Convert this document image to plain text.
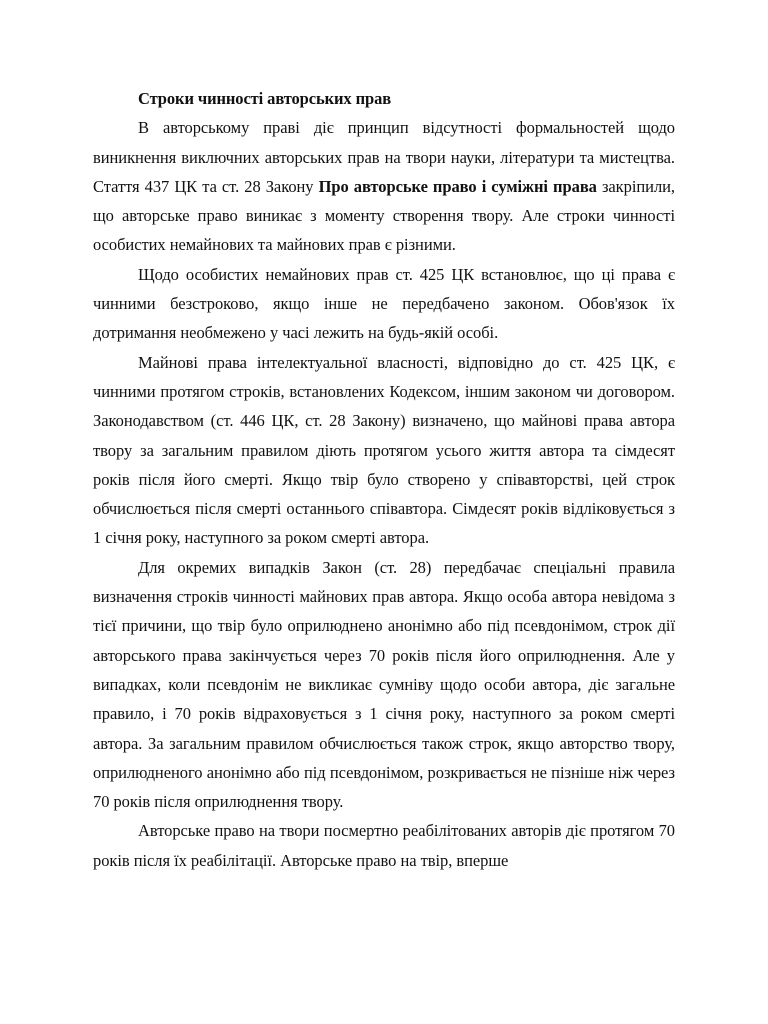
Строки чинності авторських прав

В авторському праві діє принцип відсутності формальностей щодо виникнення виключних авторських прав на твори науки, літератури та мистецтва. Стаття 437 ЦК та ст. 28 Закону Про авторське право і суміжні права закріпили, що авторське право виникає з моменту створення твору. Але строки чинності особистих немайнових та майнових прав є різними.

Щодо особистих немайнових прав ст. 425 ЦК встановлює, що ці права є чинними безстроково, якщо інше не передбачено законом. Обов'язок їх дотримання необмежено у часі лежить на будь-якій особі.

Майнові права інтелектуальної власності, відповідно до ст. 425 ЦК, є чинними протягом строків, встановлених Кодексом, іншим законом чи договором. Законодавством (ст. 446 ЦК, ст. 28 Закону) визначено, що майнові права автора твору за загальним правилом діють протягом усього життя автора та сімдесят років після його смерті. Якщо твір було створено у співавторстві, цей строк обчислюється після смерті останнього співавтора. Сімдесят років відліковується з 1 січня року, наступного за роком смерті автора.

Для окремих випадків Закон (ст. 28) передбачає спеціальні правила визначення строків чинності майнових прав автора. Якщо особа автора невідома з тієї причини, що твір було оприлюднено анонімно або під псевдонімом, строк дії авторського права закінчується через 70 років після його оприлюднення. Але у випадках, коли псевдонім не викликає сумніву щодо особи автора, діє загальне правило, і 70 років відраховується з 1 січня року, наступного за роком смерті автора. За загальним правилом обчислюється також строк, якщо авторство твору, оприлюдненого анонімно або під псевдонімом, розкривається не пізніше ніж через 70 років після оприлюднення твору.

Авторське право на твори посмертно реабілітованих авторів діє протягом 70 років після їх реабілітації. Авторське право на твір, вперше
